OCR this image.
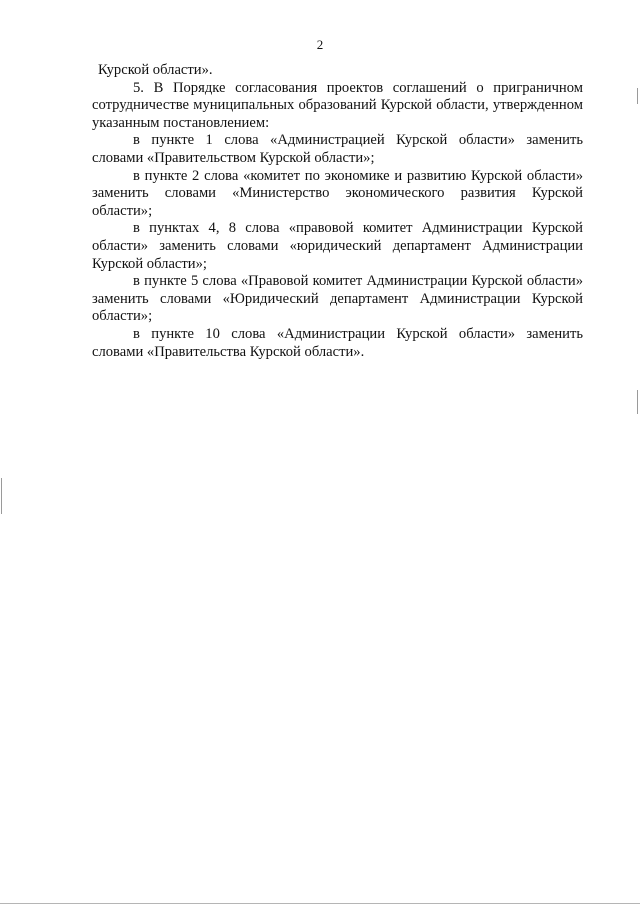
2

Курской области».

5. В Порядке согласования проектов соглашений о приграничном сотрудничестве муниципальных образований Курской области, утвержденном указанным постановлением:

в пункте 1 слова «Администрацией Курской области» заменить словами «Правительством Курской области»;

в пункте 2 слова «комитет по экономике и развитию Курской области» заменить словами «Министерство экономического развития Курской области»;

в пунктах 4, 8 слова «правовой комитет Администрации Курской области» заменить словами «юридический департамент Администрации Курской области»;

в пункте 5 слова «Правовой комитет Администрации Курской области» заменить словами «Юридический департамент Администрации Курской области»;

в пункте 10 слова «Администрации Курской области» заменить словами «Правительства Курской области».
